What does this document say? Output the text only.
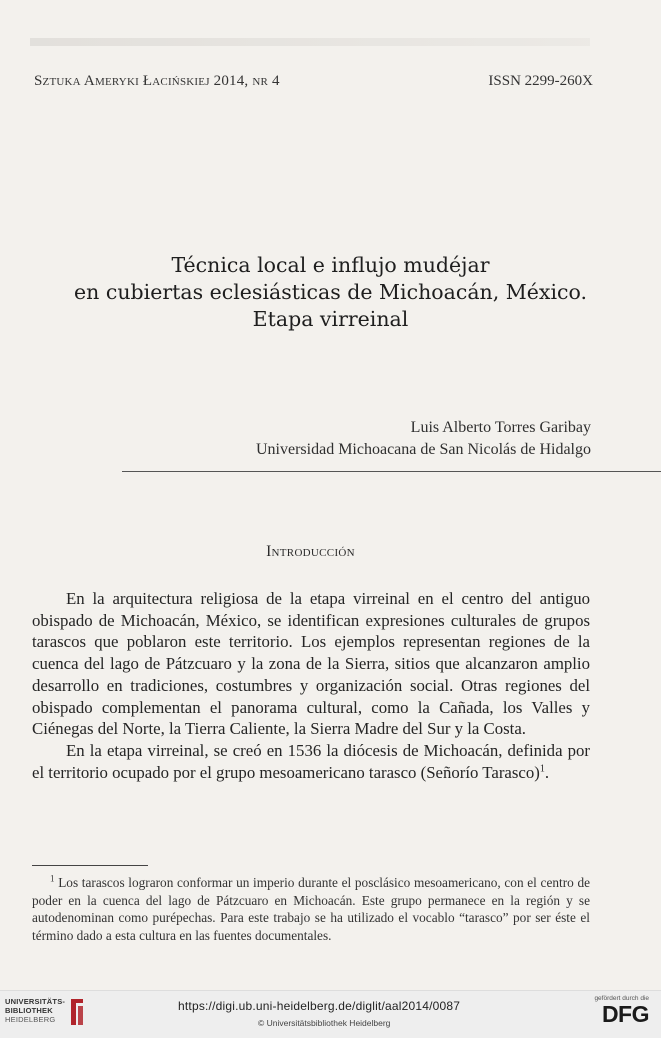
Sztuka Ameryki Łacińskiej 2014, nr 4	ISSN 2299-260X
Técnica local e influjo mudéjar
en cubiertas eclesiásticas de Michoacán, México.
Etapa virreinal
Luis Alberto Torres Garibay
Universidad Michoacana de San Nicolás de Hidalgo
Introducción

En la arquitectura religiosa de la etapa virreinal en el centro del antiguo obispado de Michoacán, México, se identifican expresiones culturales de grupos tarascos que poblaron este territorio. Los ejemplos representan regiones de la cuenca del lago de Pátzcuaro y la zona de la Sierra, sitios que alcanzaron amplio desarrollo en tradiciones, costumbres y organización social. Otras regiones del obispado complementan el panorama cultural, como la Cañada, los Valles y Ciénegas del Norte, la Tierra Caliente, la Sierra Madre del Sur y la Costa.

En la etapa virreinal, se creó en 1536 la diócesis de Michoacán, definida por el territorio ocupado por el grupo mesoamericano tarasco (Señorío Tarasco)$^1$.

$^1$ Los tarascos lograron conformar un imperio durante el posclásico mesoamericano, con el centro de poder en la cuenca del lago de Pátzcuaro en Michoacán. Este grupo permanece en la región y se autodenominan como purépechas. Para este trabajo se ha utilizado el vocablo “tarasco” por ser éste el término dado a esta cultura en las fuentes documentales.

UNIVERSITÄTS-
BIBLIOTHEK
HEIDELBERG
https://digi.ub.uni-heidelberg.de/diglit/aal2014/0087
© Universitätsbibliothek Heidelberg
gefördert durch die
DFG
